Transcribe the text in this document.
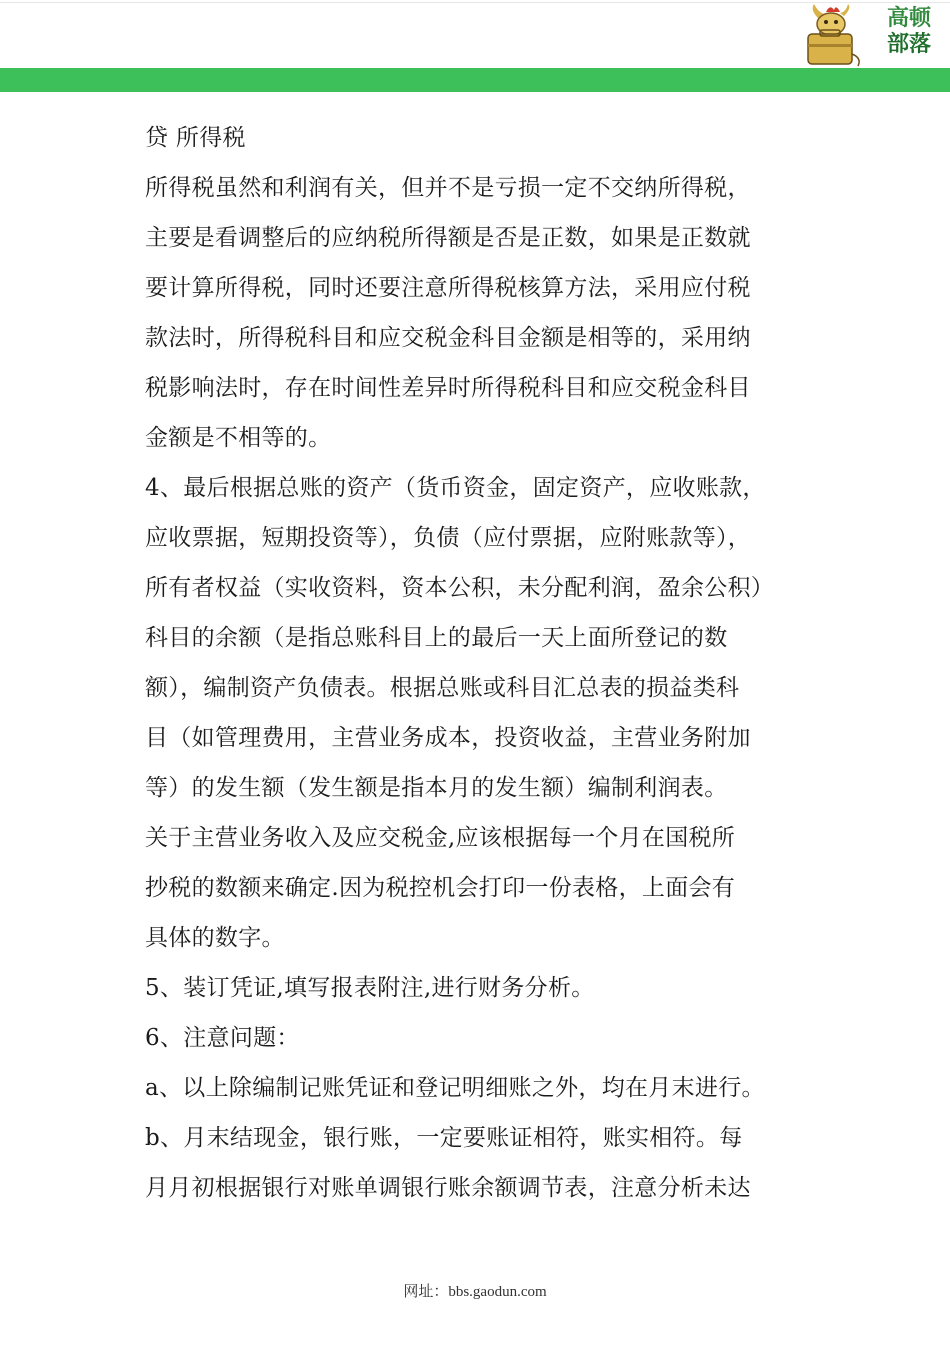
高顿
部落
贷 所得税
所得税虽然和利润有关，但并不是亏损一定不交纳所得税，
主要是看调整后的应纳税所得额是否是正数，如果是正数就
要计算所得税，同时还要注意所得税核算方法，采用应付税
款法时，所得税科目和应交税金科目金额是相等的，采用纳
税影响法时，存在时间性差异时所得税科目和应交税金科目
金额是不相等的。
4、最后根据总账的资产（货币资金，固定资产，应收账款，
应收票据，短期投资等），负债（应付票据，应附账款等），
所有者权益（实收资料，资本公积，未分配利润，盈余公积）
科目的余额（是指总账科目上的最后一天上面所登记的数
额），编制资产负债表。根据总账或科目汇总表的损益类科
目（如管理费用，主营业务成本，投资收益，主营业务附加
等）的发生额（发生额是指本月的发生额）编制利润表。
关于主营业务收入及应交税金,应该根据每一个月在国税所
抄税的数额来确定.因为税控机会打印一份表格，上面会有
具体的数字。
5、装订凭证,填写报表附注,进行财务分析。
6、注意问题：
a、以上除编制记账凭证和登记明细账之外，均在月末进行。
b、月末结现金，银行账，一定要账证相符，账实相符。每
月月初根据银行对账单调银行账余额调节表，注意分析未达
网址：bbs.gaodun.com
